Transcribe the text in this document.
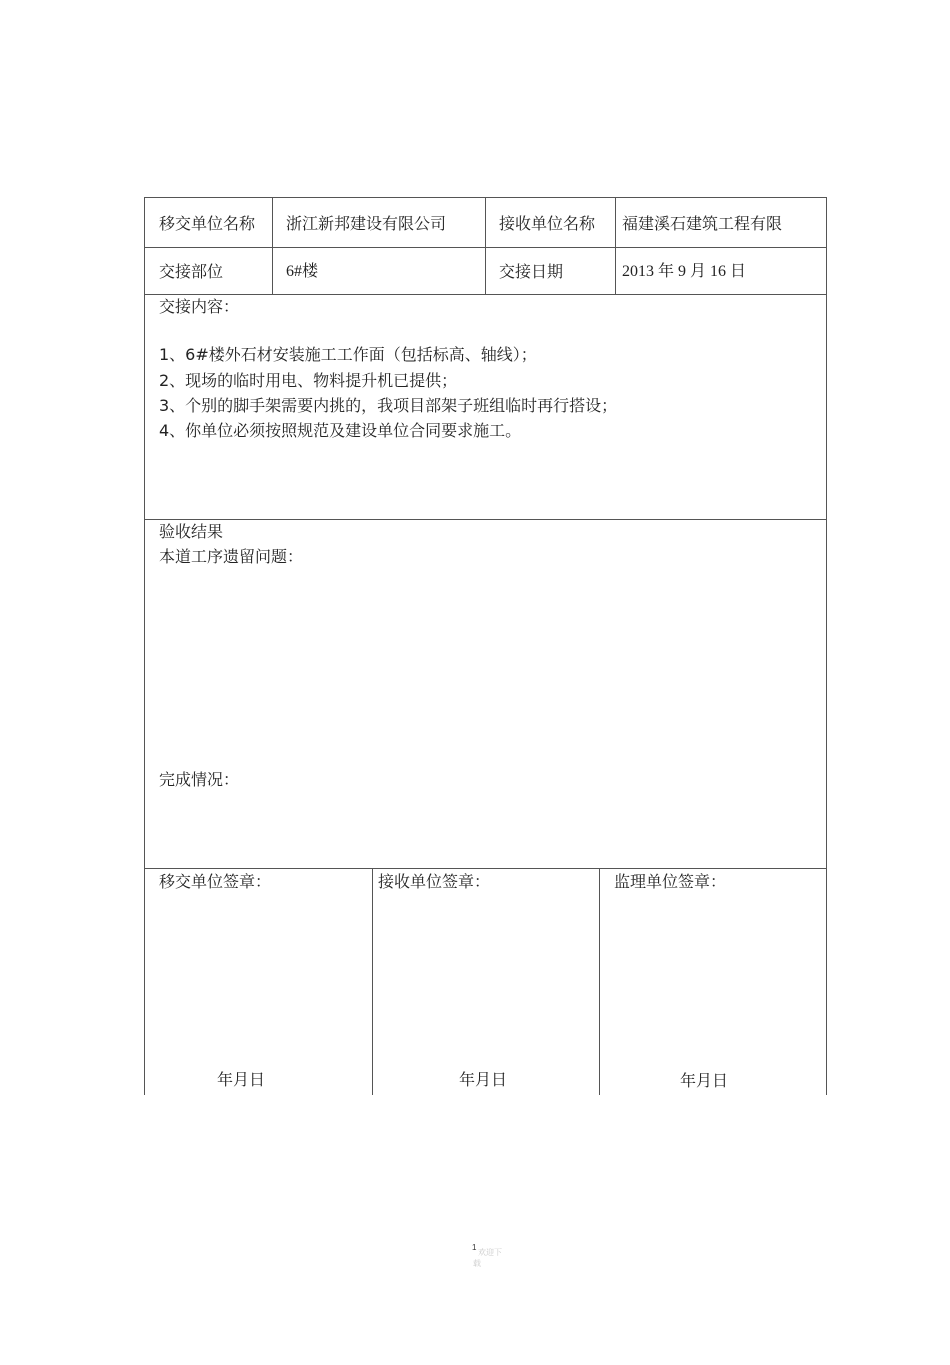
移交单位名称 浙江新邦建设有限公司	接收单位名称 福建溪石建筑工程有限
交接部位	6#楼	交接日期	2013 年 9 月 16 日
交接内容：
1、6#楼外石材安装施工工作面（包括标高、轴线）；
2、现场的临时用电、物料提升机已提供；
3、个别的脚手架需要内挑的，我项目部架子班组临时再行搭设；
4、你单位必须按照规范及建设单位合同要求施工。
验收结果
本道工序遗留问题：
完成情况：
移交单位签章：	接收单位签章：	监理单位签章：
年月日	年月日	年月日
1
欢迎下
载
